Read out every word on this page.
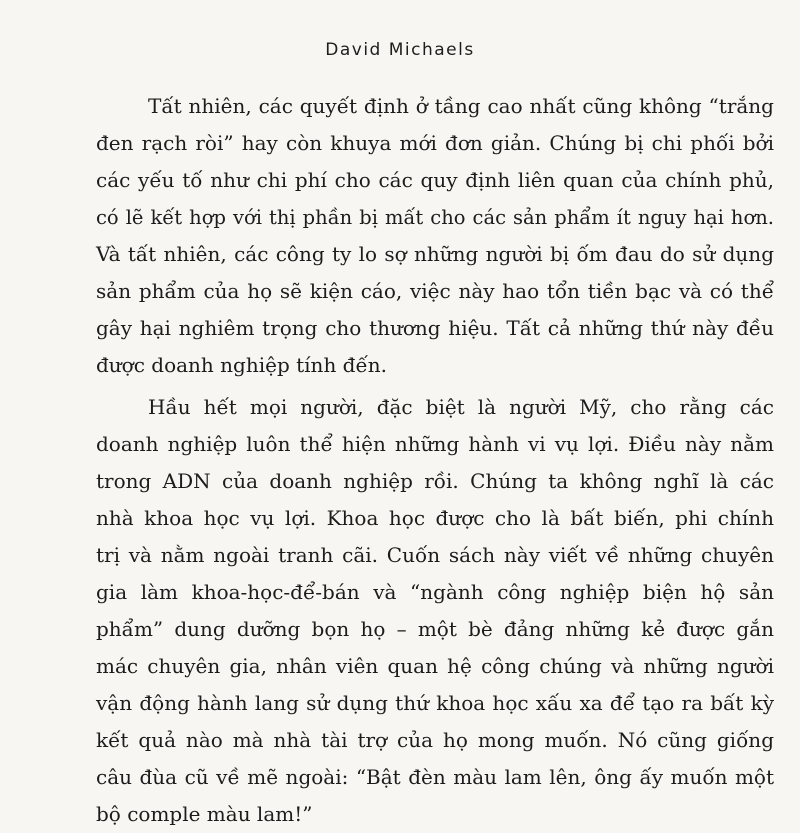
David Michaels
Tất nhiên, các quyết định ở tầng cao nhất cũng không “trắng
đen rạch ròi” hay còn khuya mới đơn giản. Chúng bị chi phối bởi
các yếu tố như chi phí cho các quy định liên quan của chính phủ,
có lẽ kết hợp với thị phần bị mất cho các sản phẩm ít nguy hại hơn.
Và tất nhiên, các công ty lo sợ những người bị ốm đau do sử dụng
sản phẩm của họ sẽ kiện cáo, việc này hao tổn tiền bạc và có thể
gây hại nghiêm trọng cho thương hiệu. Tất cả những thứ này đều
được doanh nghiệp tính đến.
Hầu hết mọi người, đặc biệt là người Mỹ, cho rằng các
doanh nghiệp luôn thể hiện những hành vi vụ lợi. Điều này nằm
trong ADN của doanh nghiệp rồi. Chúng ta không nghĩ là các
nhà khoa học vụ lợi. Khoa học được cho là bất biến, phi chính
trị và nằm ngoài tranh cãi. Cuốn sách này viết về những chuyên
gia làm khoa-học-để-bán và “ngành công nghiệp biện hộ sản
phẩm” dung dưỡng bọn họ – một bè đảng những kẻ được gắn
mác chuyên gia, nhân viên quan hệ công chúng và những người
vận động hành lang sử dụng thứ khoa học xấu xa để tạo ra bất kỳ
kết quả nào mà nhà tài trợ của họ mong muốn. Nó cũng giống
câu đùa cũ về mẽ ngoài: “Bật đèn màu lam lên, ông ấy muốn một
bộ comple màu lam!”
